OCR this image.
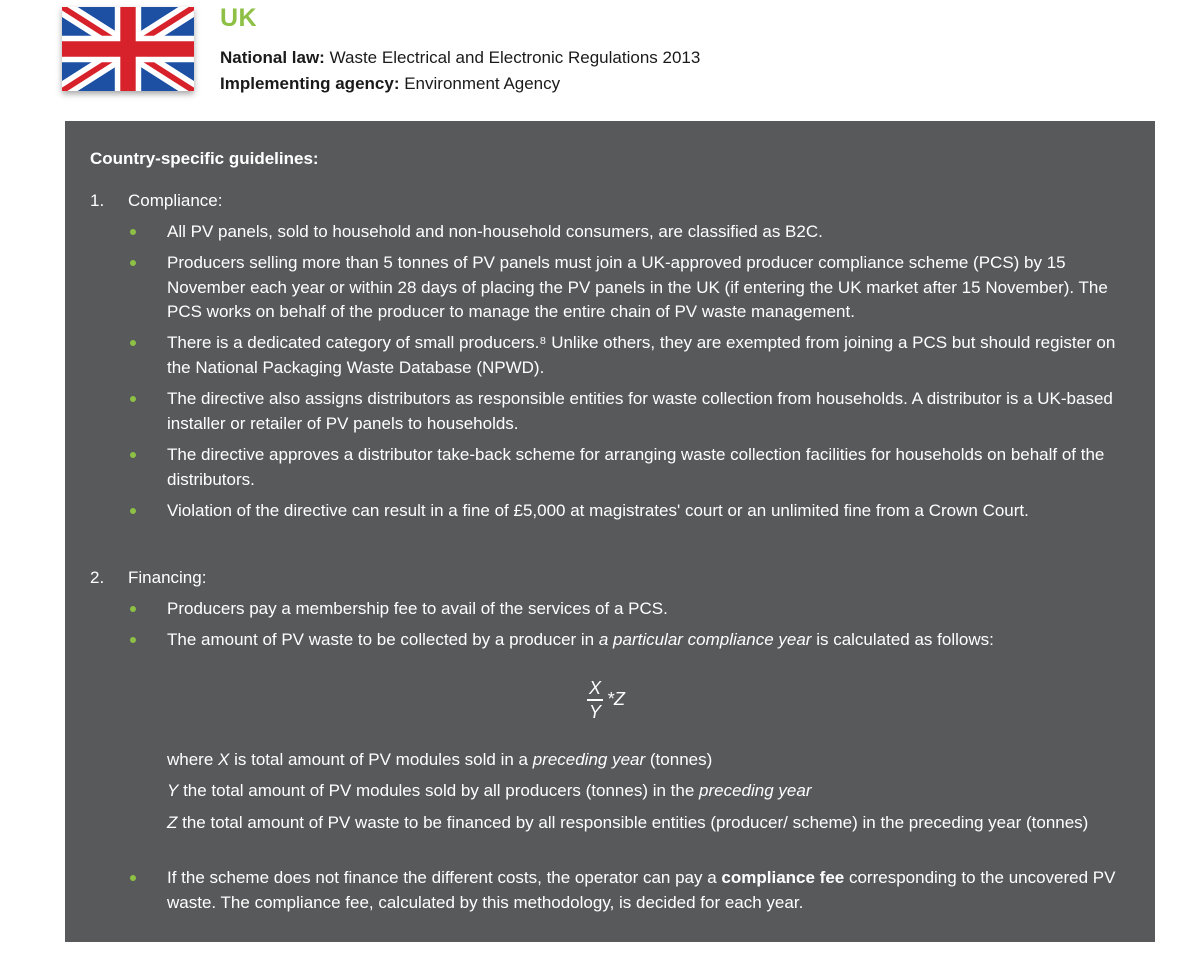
UK
National law: Waste Electrical and Electronic Regulations 2013
Implementing agency: Environment Agency
Country-specific guidelines:
1. Compliance:
All PV panels, sold to household and non-household consumers, are classified as B2C.
Producers selling more than 5 tonnes of PV panels must join a UK-approved producer compliance scheme (PCS) by 15 November each year or within 28 days of placing the PV panels in the UK (if entering the UK market after 15 November). The PCS works on behalf of the producer to manage the entire chain of PV waste management.
There is a dedicated category of small producers.⁸ Unlike others, they are exempted from joining a PCS but should register on the National Packaging Waste Database (NPWD).
The directive also assigns distributors as responsible entities for waste collection from households. A distributor is a UK-based installer or retailer of PV panels to households.
The directive approves a distributor take-back scheme for arranging waste collection facilities for households on behalf of the distributors.
Violation of the directive can result in a fine of £5,000 at magistrates' court or an unlimited fine from a Crown Court.
2. Financing:
Producers pay a membership fee to avail of the services of a PCS.
The amount of PV waste to be collected by a producer in a particular compliance year is calculated as follows:
X
Y
*Z
where X is total amount of PV modules sold in a preceding year (tonnes)
Y the total amount of PV modules sold by all producers (tonnes) in the preceding year
Z the total amount of PV waste to be financed by all responsible entities (producer/ scheme) in the preceding year (tonnes)
If the scheme does not finance the different costs, the operator can pay a compliance fee corresponding to the uncovered PV waste. The compliance fee, calculated by this methodology, is decided for each year.
